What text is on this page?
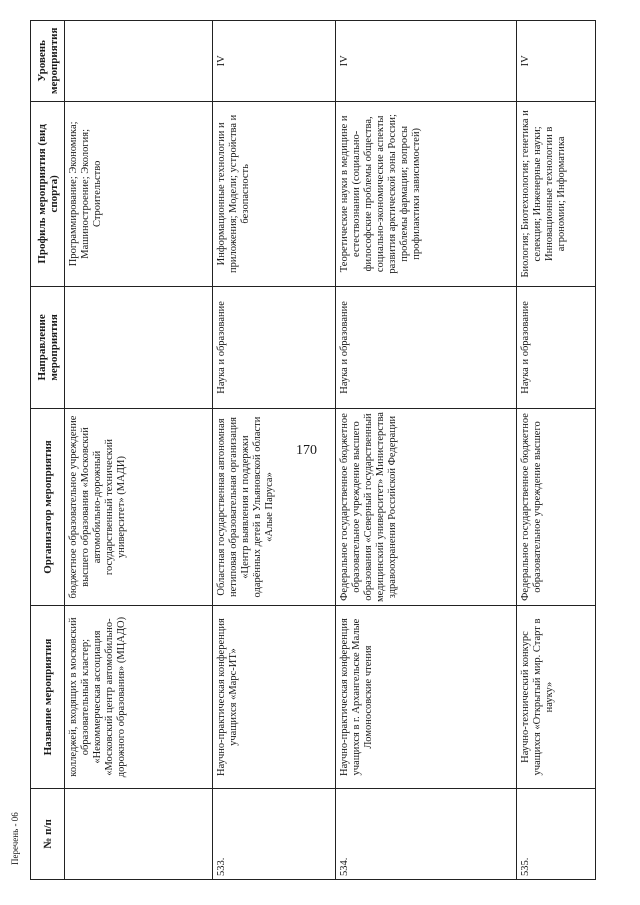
170
Перечень - 06 № п/п	Название мероприятия	Организатор мероприятия	Направление мероприятия	Профиль мероприятия (вид спорта)	Уровень мероприятия
	колледжей, входящих в московский образовательный кластер; «Некоммерческая ассоциация «Московский центр автомобильно-дорожного образования» (МЦАДО)	бюджетное образовательное учреждение высшего образования «Московский автомобильно-дорожный государственный технический университет» (МАДИ)		Программирование; Экономика; Машиностроение; Экология; Строительство	
533.	Научно-практическая конференция учащихся «Марс-ИТ»	Областная государственная автономная нетиповая образовательная организация «Центр выявления и поддержки одарённых детей в Ульяновской области «Алые Паруса»	Наука и образование	Информационные технологии и приложения; Модели; устройства и безопасность	IV
534.	Научно-практическая конференция учащихся в г. Архангельске Малые Ломоносовские чтения	Федеральное государственное бюджетное образовательное учреждение высшего образования «Северный государственный медицинский университет» Министерства здравоохранения Российской Федерации	Наука и образование	Теоретические науки в медицине и естествознании (социально-философские проблемы общества, социально-экономические аспекты развития арктической зоны России; проблемы фармации; вопросы профилактики зависимостей)	IV
535.	Научно-технический конкурс учащихся «Открытый мир. Старт в науку»	Федеральное государственное бюджетное образовательное учреждение высшего	Наука и образование	Биология; Биотехнология; генетика и селекция; Инженерные науки; Инновационные технологии в агрономии; Информатика	IV
